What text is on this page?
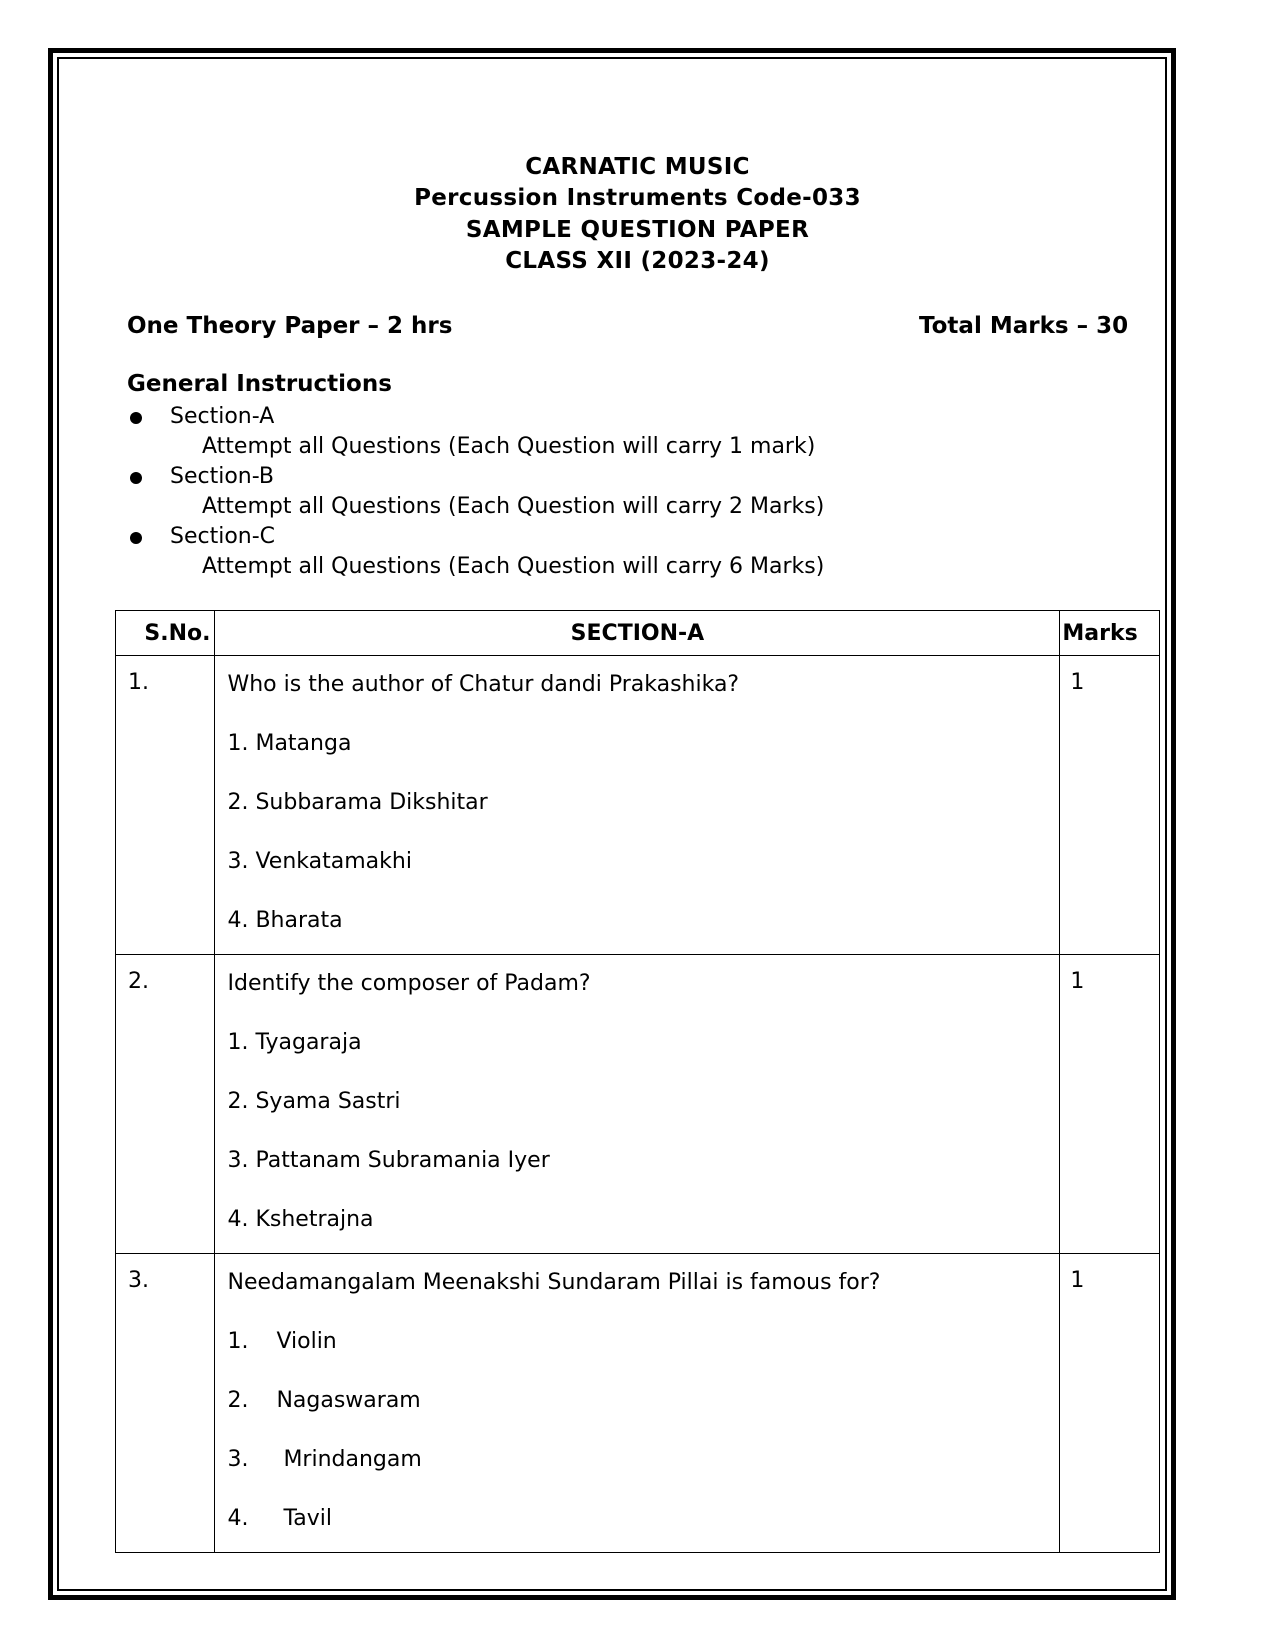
CARNATIC MUSIC
Percussion Instruments Code-033
SAMPLE QUESTION PAPER
CLASS XII (2023-24)
One Theory Paper – 2 hrs	Total Marks – 30
General Instructions
Section-A
Attempt all Questions (Each Question will carry 1 mark)
Section-B
Attempt all Questions (Each Question will carry 2 Marks)
Section-C
Attempt all Questions (Each Question will carry 6 Marks)
S.No.	SECTION-A	Marks
1.	Who is the author of Chatur dandi Prakashika?
1. Matanga
2. Subbarama Dikshitar
3. Venkatamakhi
4. Bharata	1
2.	Identify the composer of Padam?
1. Tyagaraja
2. Syama Sastri
3. Pattanam Subramania Iyer
4. Kshetrajna	1
3.	Needamangalam Meenakshi Sundaram Pillai is famous for?
1.    Violin
2.    Nagaswaram
3.     Mrindangam
4.     Tavil	1
